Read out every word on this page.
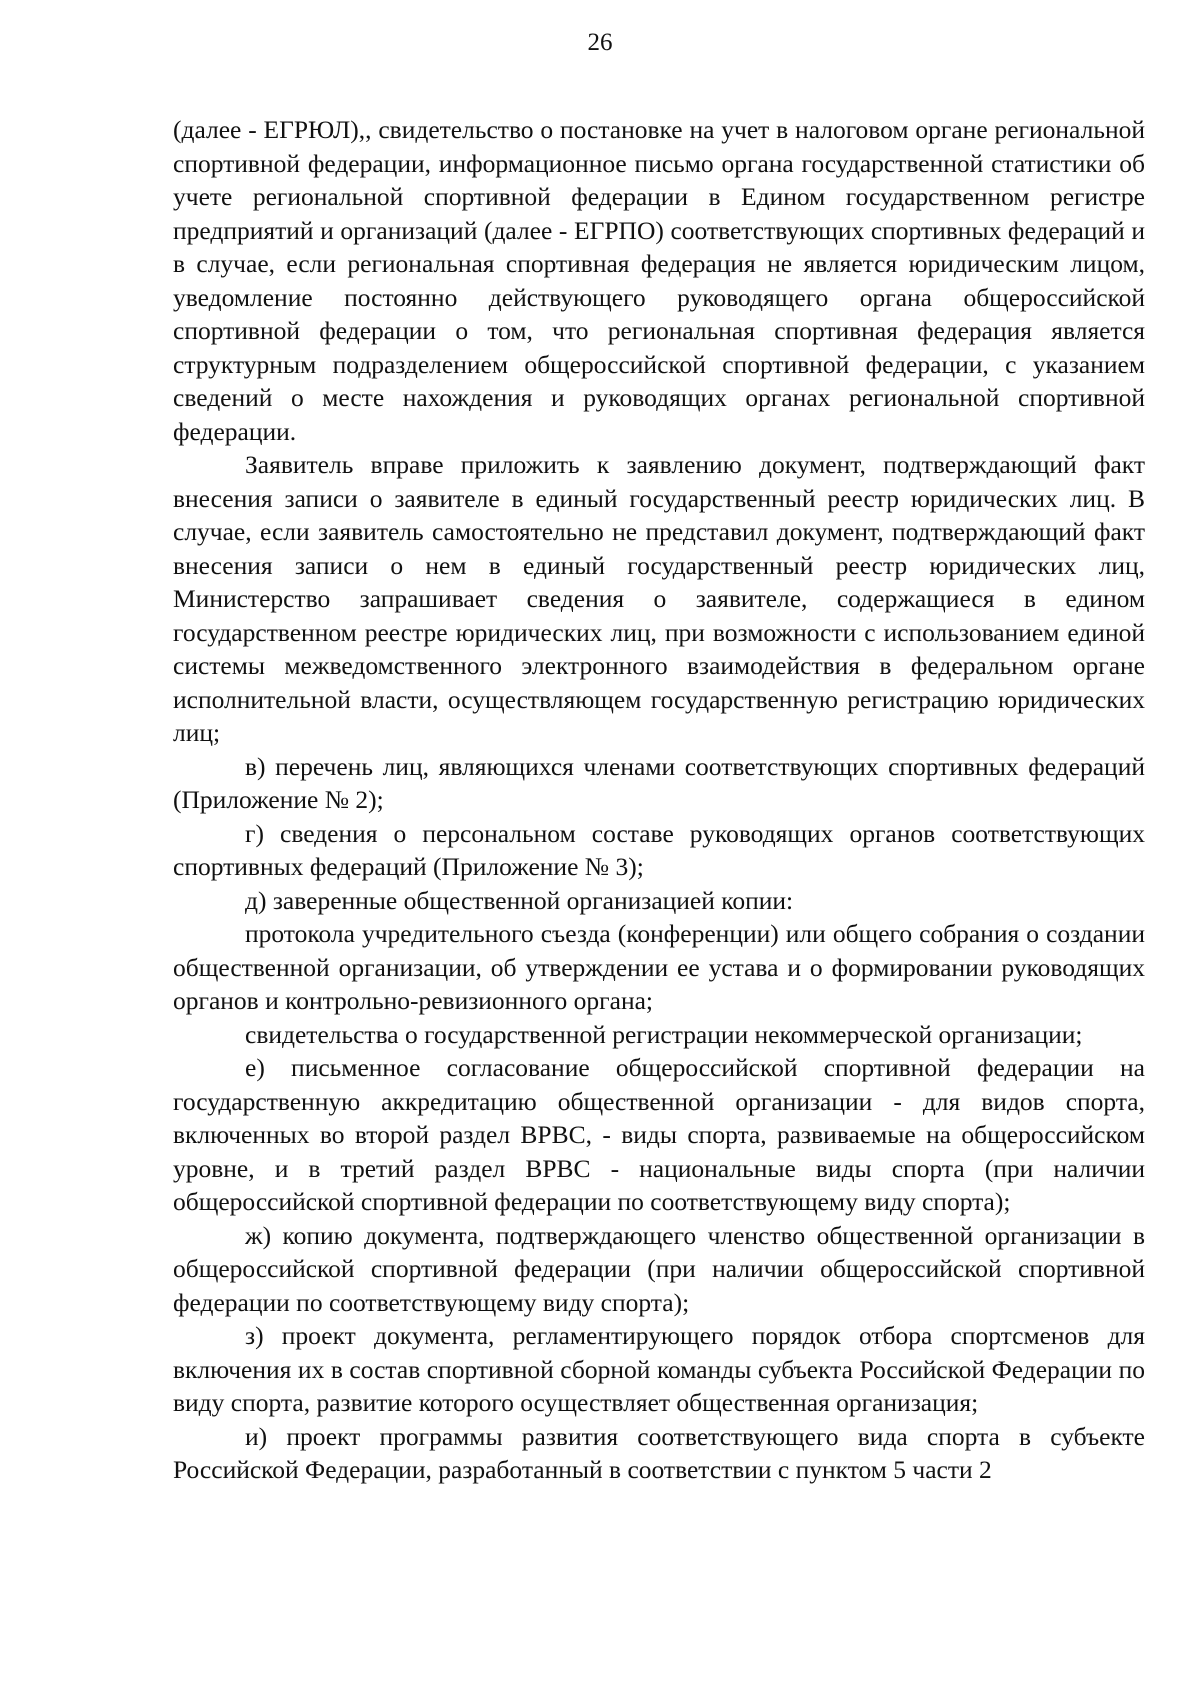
26

(далее - ЕГРЮЛ),, свидетельство о постановке на учет в налоговом органе региональной спортивной федерации, информационное письмо органа государственной статистики об учете региональной спортивной федерации в Едином государственном регистре предприятий и организаций (далее - ЕГРПО) соответствующих спортивных федераций и в случае, если региональная спортивная федерация не является юридическим лицом, уведомление постоянно действующего руководящего органа общероссийской спортивной федерации о том, что региональная спортивная федерация является структурным подразделением общероссийской спортивной федерации, с указанием сведений о месте нахождения и руководящих органах региональной спортивной федерации.

Заявитель вправе приложить к заявлению документ, подтверждающий факт внесения записи о заявителе в единый государственный реестр юридических лиц. В случае, если заявитель самостоятельно не представил документ, подтверждающий факт внесения записи о нем в единый государственный реестр юридических лиц, Министерство запрашивает сведения о заявителе, содержащиеся в едином государственном реестре юридических лиц, при возможности с использованием единой системы межведомственного электронного взаимодействия в федеральном органе исполнительной власти, осуществляющем государственную регистрацию юридических лиц;

в) перечень лиц, являющихся членами соответствующих спортивных федераций (Приложение № 2);

г) сведения о персональном составе руководящих органов соответствующих спортивных федераций (Приложение № 3);

д) заверенные общественной организацией копии:

протокола учредительного съезда (конференции) или общего собрания о создании общественной организации, об утверждении ее устава и о формировании руководящих органов и контрольно-ревизионного органа;

свидетельства о государственной регистрации некоммерческой организации;

е) письменное согласование общероссийской спортивной федерации на государственную аккредитацию общественной организации - для видов спорта, включенных во второй раздел ВРВС, - виды спорта, развиваемые на общероссийском уровне, и в третий раздел ВРВС - национальные виды спорта (при наличии общероссийской спортивной федерации по соответствующему виду спорта);

ж) копию документа, подтверждающего членство общественной организации в общероссийской спортивной федерации (при наличии общероссийской спортивной федерации по соответствующему виду спорта);

з) проект документа, регламентирующего порядок отбора спортсменов для включения их в состав спортивной сборной команды субъекта Российской Федерации по виду спорта, развитие которого осуществляет общественная организация;

и) проект программы развития соответствующего вида спорта в субъекте Российской Федерации, разработанный в соответствии с пунктом 5 части 2
